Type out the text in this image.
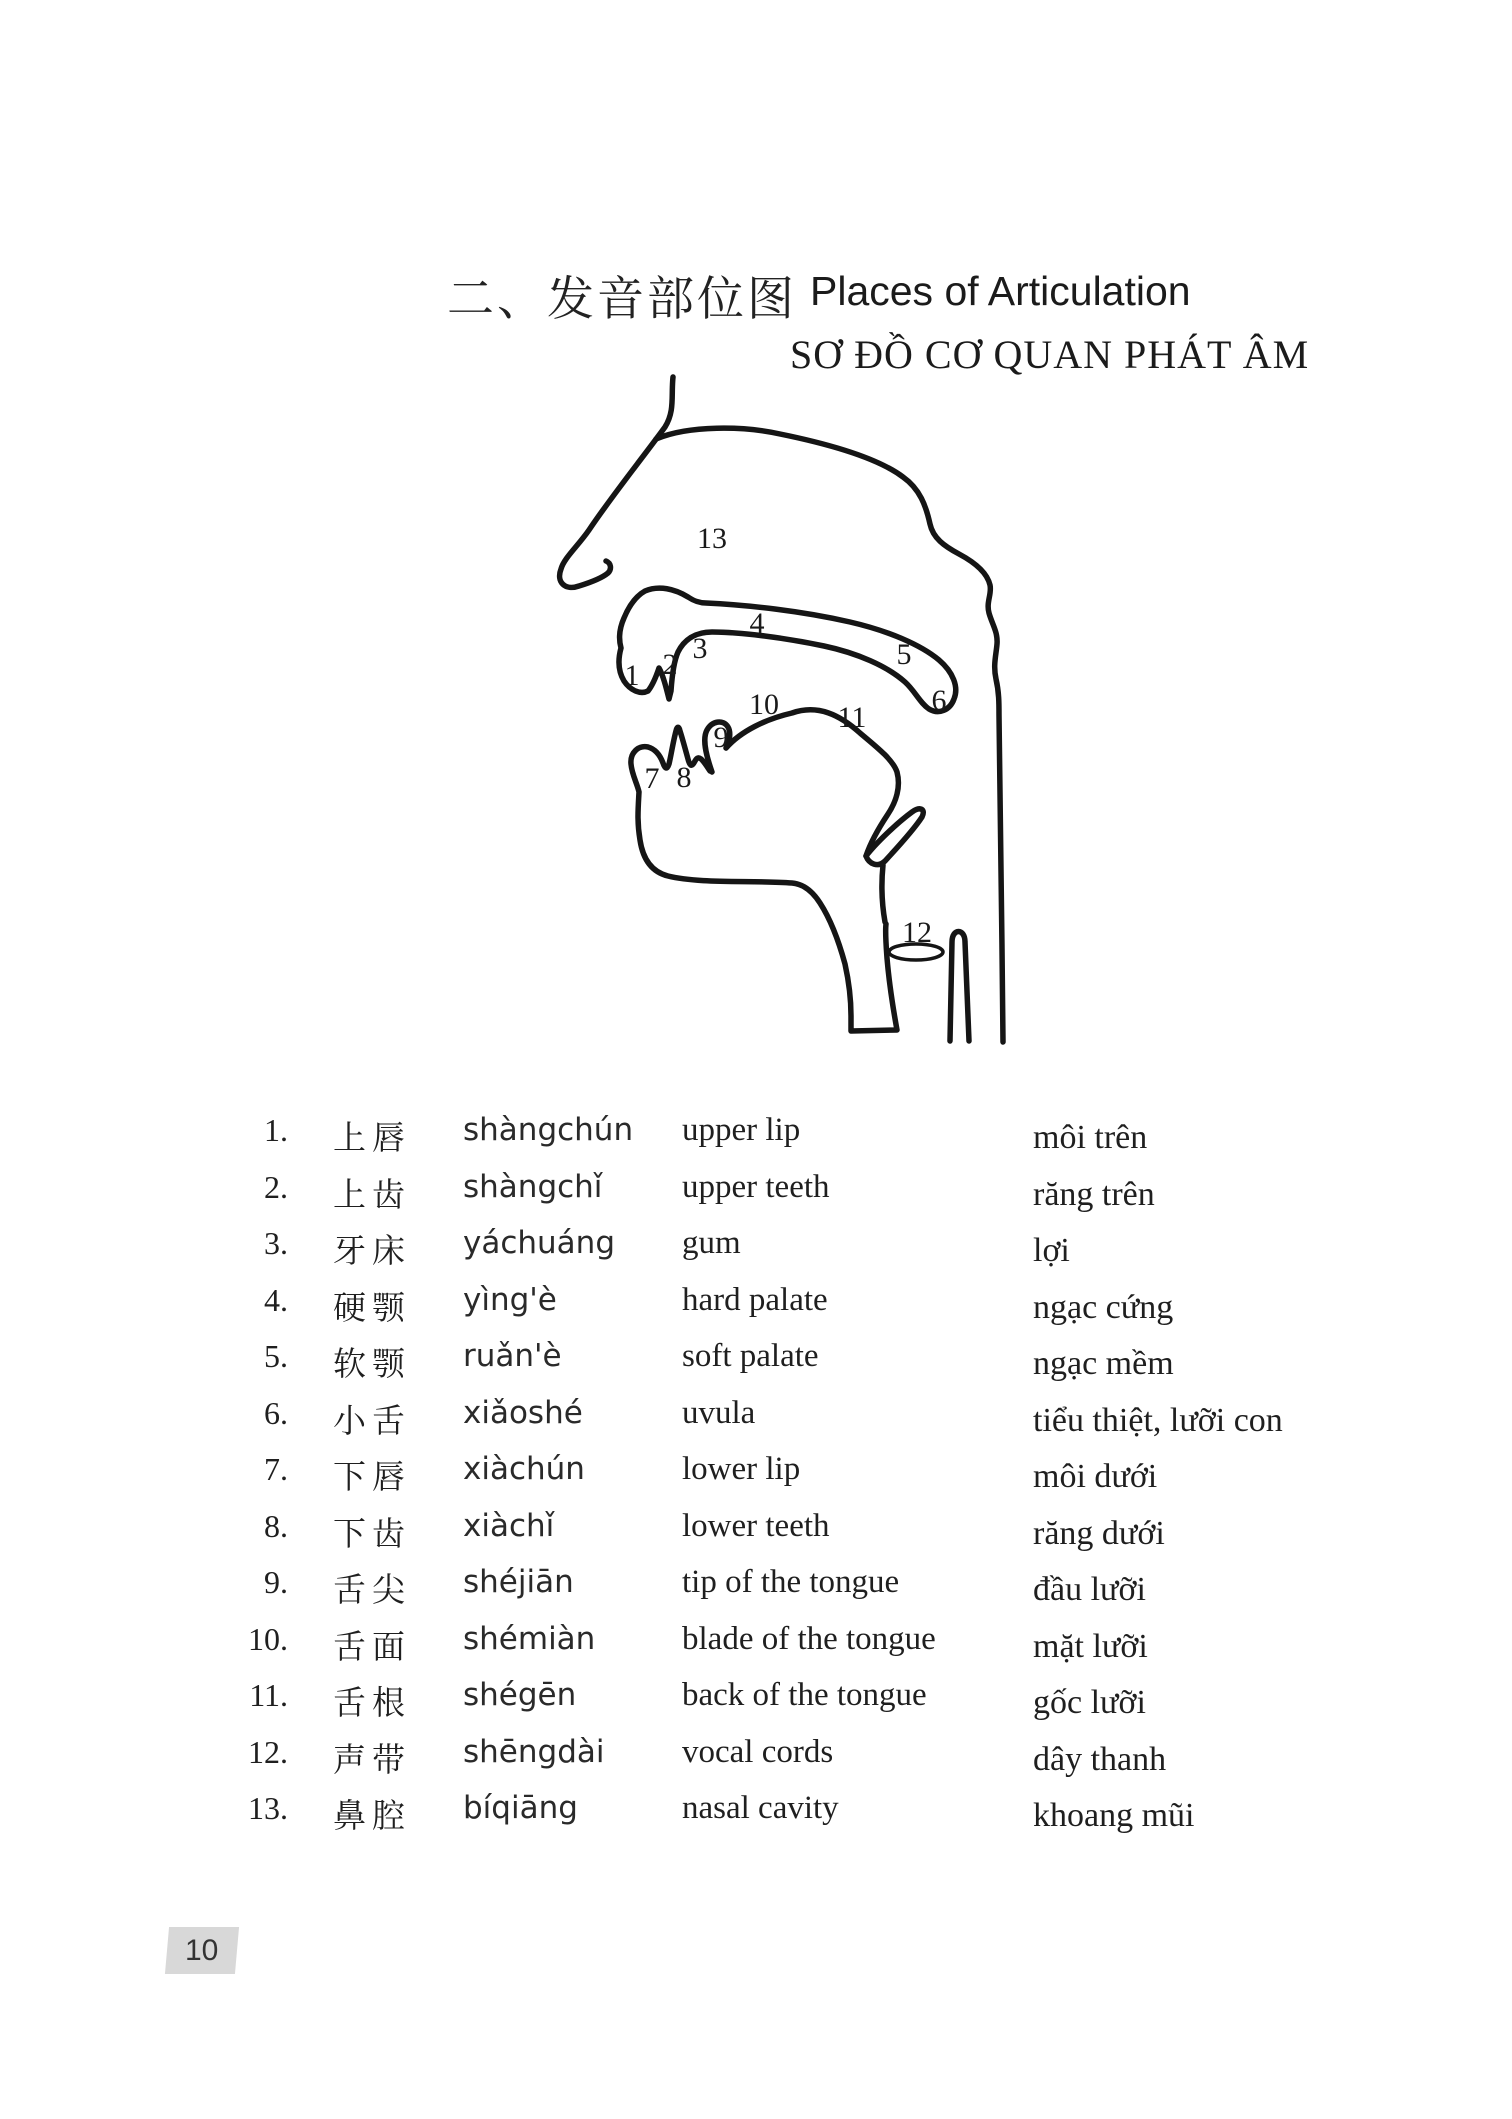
二、发音部位图 Places of Articulation
SƠ ĐỒ CƠ QUAN PHÁT ÂM
1 2 3
4
5
6
7 8
9
10 11
12
13
1. 上唇 shàngchún upper lip	môi trên
2. 上齿 shàngchǐ upper teeth	răng trên
3. 牙床 yáchuáng gum	lợi
4. 硬颚 yìng'è	hard palate	ngạc cứng
5. 软颚 ruǎn'è	soft palate	ngạc mềm
6. 小舌 xiǎoshé	uvula	tiểu thiệt, lưỡi con
7. 下唇 xiàchún	lower lip	môi dưới
8. 下齿 xiàchǐ	lower teeth	răng dưới
9. 舌尖 shéjiān	tip of the tongue	đầu lưỡi
10. 舌面 shémiàn	blade of the tongue	mặt lưỡi
11. 舌根 shégēn	back of the tongue	gốc lưỡi
12. 声带 shēngdài vocal cords	dây thanh
13. 鼻腔 bíqiāng	nasal cavity	khoang mũi
10
